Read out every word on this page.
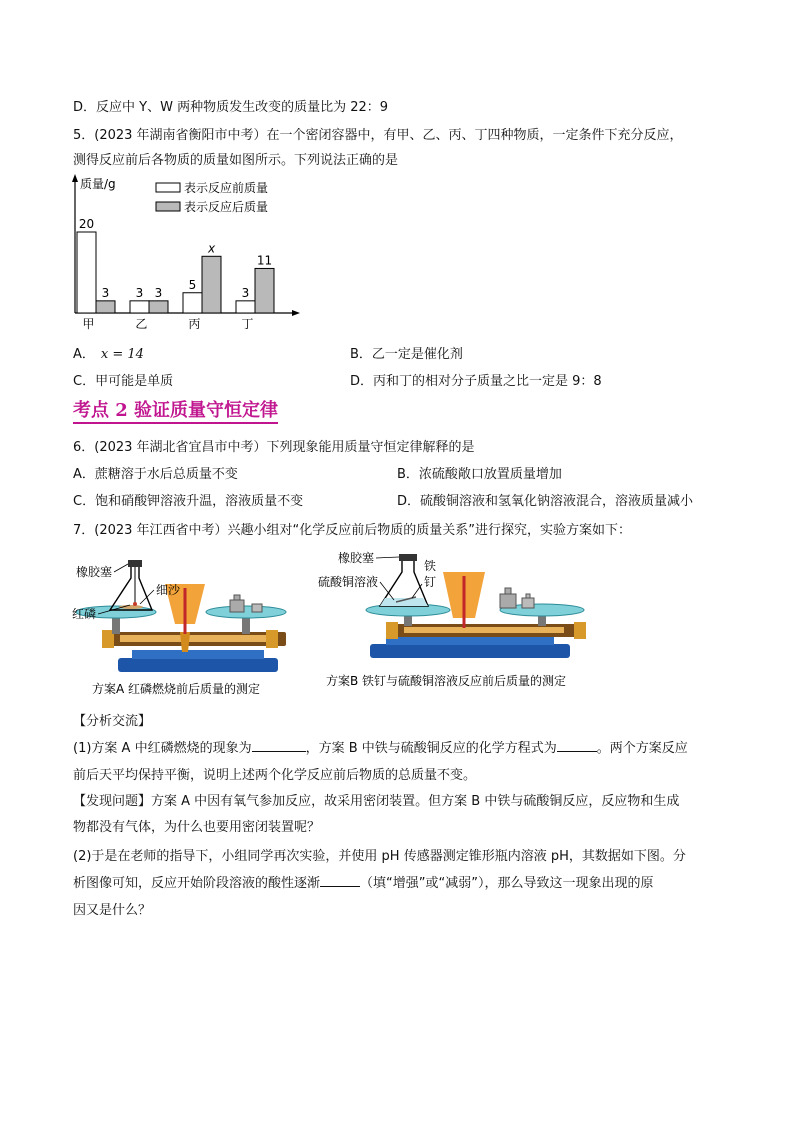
D．反应中 Y、W 两种物质发生改变的质量比为 22：9
5．(2023 年湖南省衡阳市中考）在一个密闭容器中，有甲、乙、丙、丁四种物质，一定条件下充分反应，
测得反应前后各物质的质量如图所示。下列说法正确的是
质量/g	表示反应前质量
表示反应后质量
20
3
甲
3 3
乙
5
x
丙
3
11
丁
A． x = 14	B．乙一定是催化剂
C．甲可能是单质	D．丙和丁的相对分子质量之比一定是 9：8
考点 2 验证质量守恒定律
6．(2023 年湖北省宜昌市中考）下列现象能用质量守恒定律解释的是
A．蔗糖溶于水后总质量不变	B．浓硫酸敞口放置质量增加
C．饱和硝酸钾溶液升温，溶液质量不变	D．硫酸铜溶液和氢氧化钠溶液混合，溶液质量减小
7．(2023 年江西省中考）兴趣小组对“化学反应前后物质的质量关系”进行探究，实验方案如下：
橡胶塞
细沙
红磷
方案A 红磷燃烧前后质量的测定
橡胶塞
硫酸铜溶液
铁
钉
方案B 铁钉与硫酸铜溶液反应前后质量的测定
【分析交流】
(1)方案 A 中红磷燃烧的现象为	，方案 B 中铁与硫酸铜反应的化学方程式为	。两个方案反应
前后天平均保持平衡，说明上述两个化学反应前后物质的总质量不变。
【发现问题】方案 A 中因有氧气参加反应，故采用密闭装置。但方案 B 中铁与硫酸铜反应，反应物和生成
物都没有气体，为什么也要用密闭装置呢？
(2)于是在老师的指导下，小组同学再次实验，并使用 pH 传感器测定锥形瓶内溶液 pH，其数据如下图。分
析图像可知，反应开始阶段溶液的酸性逐渐	（填“增强”或“减弱”），那么导致这一现象出现的原
因又是什么？
